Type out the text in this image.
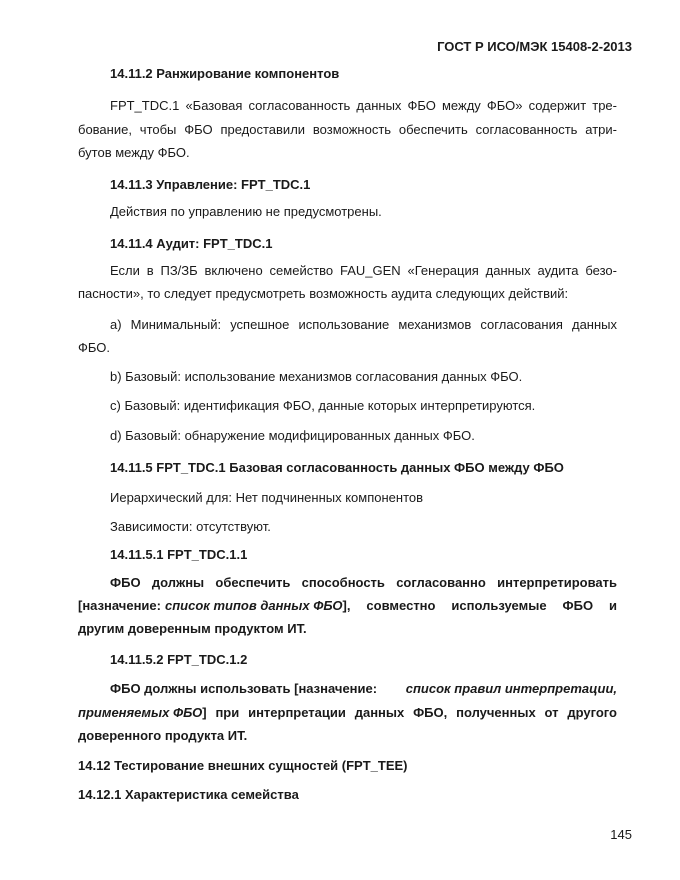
ГОСТ Р ИСО/МЭК 15408-2-2013
14.11.2 Ранжирование компонентов
FPT_TDC.1 «Базовая согласованность данных ФБО между ФБО» содержит тре-
бование, чтобы ФБО предоставили возможность обеспечить согласованность атри-
бутов между ФБО.
14.11.3 Управление: FPT_TDC.1
Действия по управлению не предусмотрены.
14.11.4 Аудит: FPT_TDC.1
Если в ПЗ/ЗБ включено семейство FAU_GEN «Генерация данных аудита безо-
пасности», то следует предусмотреть возможность аудита следующих действий:
a) Минимальный: успешное использование механизмов согласования данных
ФБО.
b) Базовый: использование механизмов согласования данных ФБО.
c) Базовый: идентификация ФБО, данные которых интерпретируются.
d) Базовый: обнаружение модифицированных данных ФБО.
14.11.5 FPT_TDC.1 Базовая согласованность данных ФБО между ФБО
Иерархический для: Нет подчиненных компонентов
Зависимости: отсутствуют.
14.11.5.1 FPT_TDC.1.1
ФБО должны обеспечить способность согласованно интерпретировать
[назначение: список типов данных ФБО ], совместно используемые ФБО и
другим доверенным продуктом ИТ.
14.11.5.2 FPT_TDC.1.2
ФБО должны использовать [назначение: список правил интерпретации,
применяемых ФБО ] при интерпретации данных ФБО, полученных от другого
доверенного продукта ИТ.
14.12 Тестирование внешних сущностей (FPT_TEE)
14.12.1 Характеристика семейства
145
